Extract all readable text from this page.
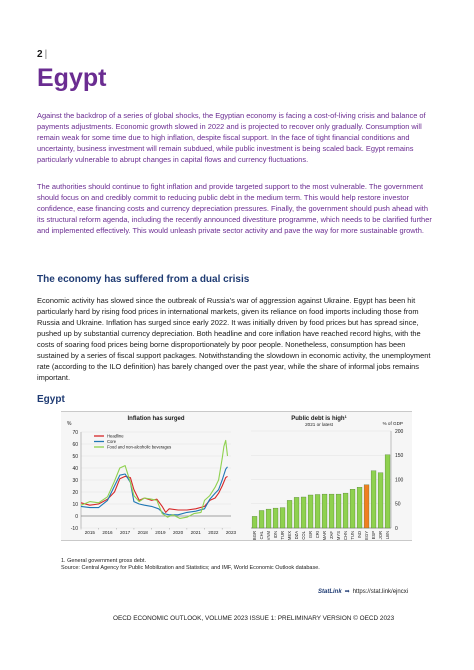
2 |
Egypt

Against the backdrop of a series of global shocks, the Egyptian economy is facing a cost-of-living crisis and balance of payments adjustments. Economic growth slowed in 2022 and is projected to recover only gradually. Consumption will remain weak for some time due to high inflation, despite fiscal support. In the face of tight financial conditions and uncertainty, business investment will remain subdued, while public investment is being scaled back. Egypt remains particularly vulnerable to abrupt changes in capital flows and currency fluctuations.

The authorities should continue to fight inflation and provide targeted support to the most vulnerable. The government should focus on and credibly commit to reducing public debt in the medium term. This would help restore investor confidence, ease financing costs and currency depreciation pressures. Finally, the government should push ahead with its structural reform agenda, including the recently announced divestiture programme, which needs to be clarified further and implemented effectively. This would unleash private sector activity and pave the way for more sustainable growth.

The economy has suffered from a dual crisis

Economic activity has slowed since the outbreak of Russia’s war of aggression against Ukraine. Egypt has been hit particularly hard by rising food prices in international markets, given its reliance on food imports including those from Russia and Ukraine. Inflation has surged since early 2022. It was initially driven by food prices but has spread since, pushed up by substantial currency depreciation. Both headline and core inflation have reached record highs, with the costs of soaring food prices being borne disproportionately by poor people. Nonetheless, consumption has been sustained by a series of fiscal support packages. Notwithstanding the slowdown in economic activity, the unemployment rate (according to the ILO definition) has barely changed over the past year, while the share of informal jobs remains important.

Egypt
Inflation has surged
%
-10
0
10
20
30
40
50
60
70
2015 2016 2017 2018 2019 2020 2021 2022 2023
Headline
Core
Food and non-alcoholic beverages
Public debt is high$^1$
2021 or latest	% of GDP
0
50
100
150
200
BGR CHL VNM IDN TUR MEX DZA COL ISR CRI MAR ZAF MYS CHN TUN IND EGY ESP JOR LBN
1. General government gross debt.
Source: Central Agency for Public Mobilization and Statistics; and IMF, World Economic Outlook database.
StatLink ➡ https://stat.link/ejncxi
OECD ECONOMIC OUTLOOK, VOLUME 2023 ISSUE 1: PRELIMINARY VERSION © OECD 2023
